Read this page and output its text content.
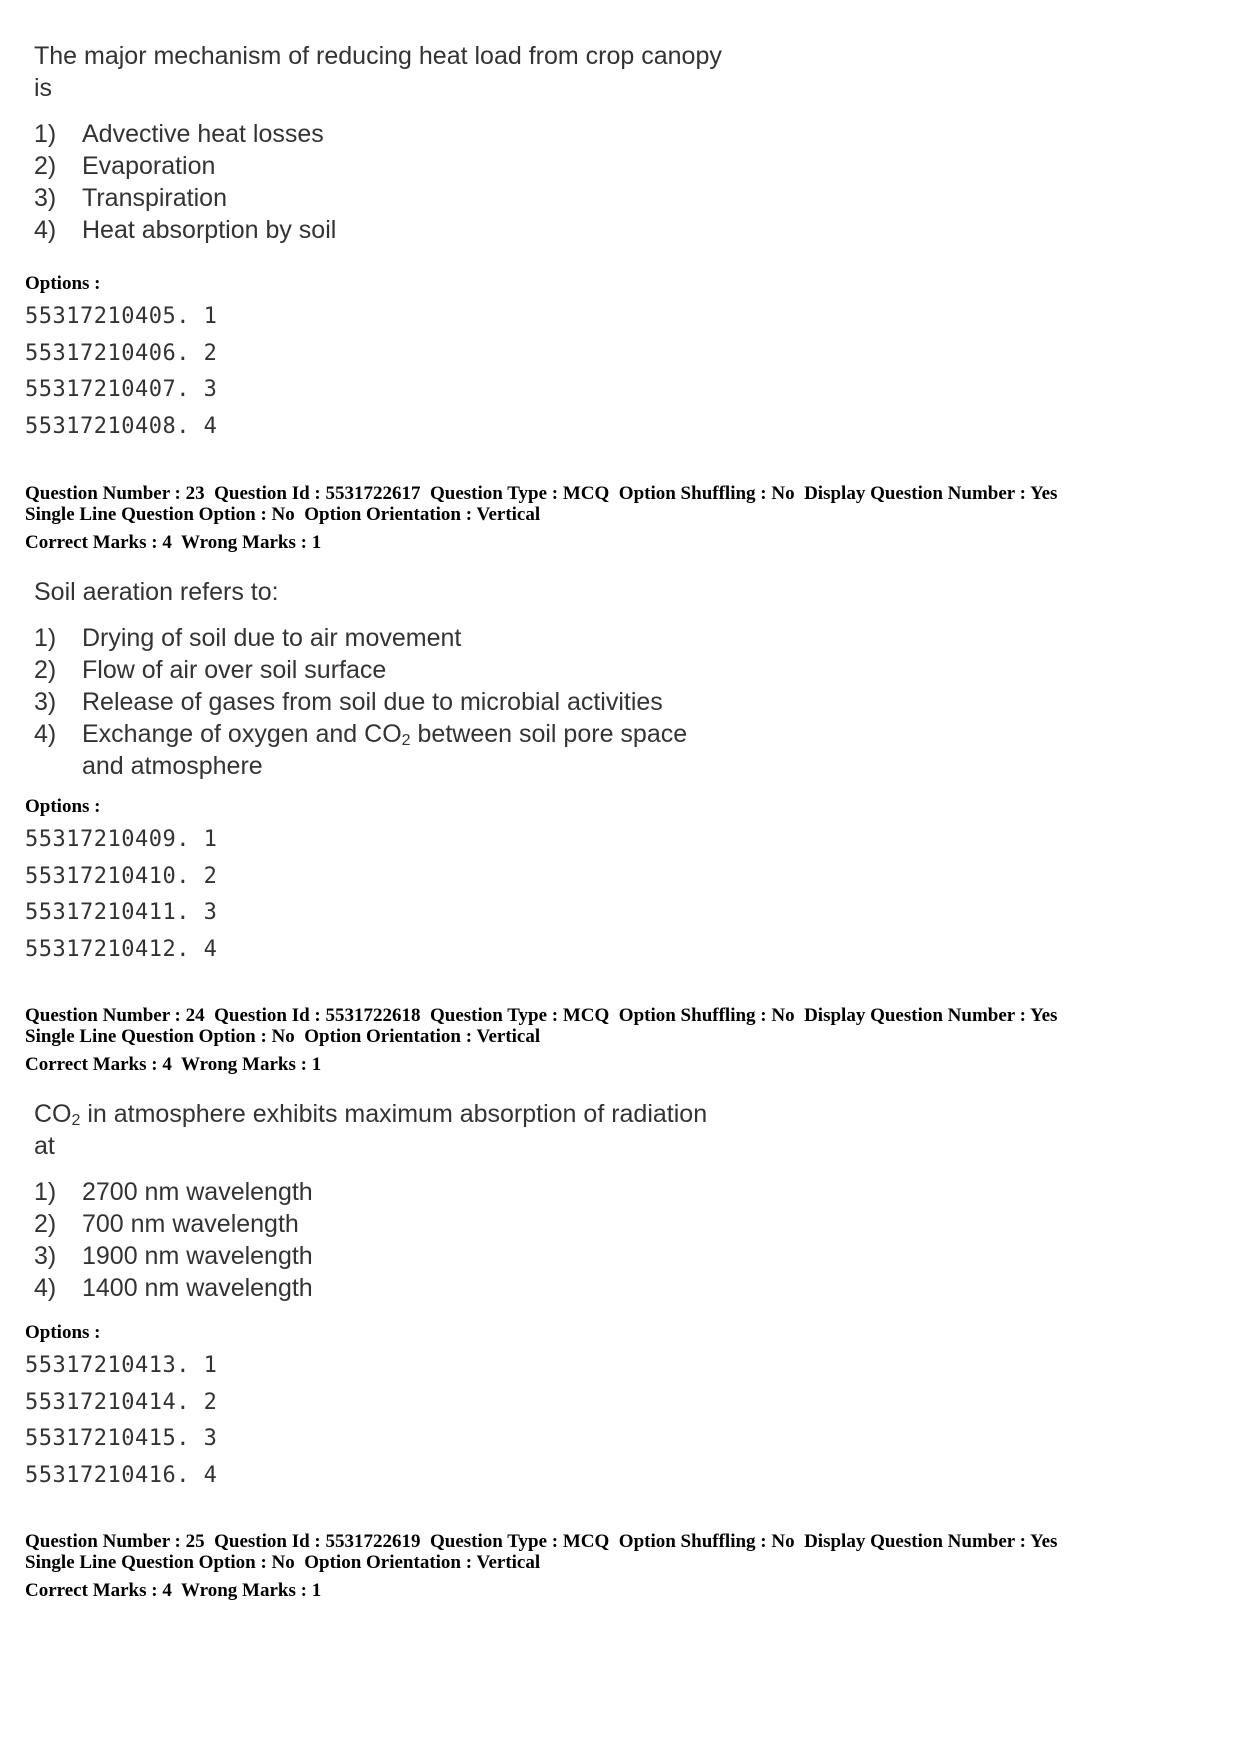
The major mechanism of reducing heat load from crop canopy is
1)	Advective heat losses
2)	Evaporation
3)	Transpiration
4)	Heat absorption by soil
Options :
55317210405. 1
55317210406. 2
55317210407. 3
55317210408. 4
Question Number : 23  Question Id : 5531722617  Question Type : MCQ  Option Shuffling : No  Display Question Number : Yes
Single Line Question Option : No  Option Orientation : Vertical
Correct Marks : 4  Wrong Marks : 1
Soil aeration refers to:
1)	Drying of soil due to air movement
2)	Flow of air over soil surface
3)	Release of gases from soil due to microbial activities
4)	Exchange of oxygen and $CO_2$ between soil pore space and atmosphere
Options :
55317210409. 1
55317210410. 2
55317210411. 3
55317210412. 4
Question Number : 24  Question Id : 5531722618  Question Type : MCQ  Option Shuffling : No  Display Question Number : Yes
Single Line Question Option : No  Option Orientation : Vertical
Correct Marks : 4  Wrong Marks : 1
$CO_2$ in atmosphere exhibits maximum absorption of radiation at
1)	2700 nm wavelength
2)	700 nm wavelength
3)	1900 nm wavelength
4)	1400 nm wavelength
Options :
55317210413. 1
55317210414. 2
55317210415. 3
55317210416. 4
Question Number : 25  Question Id : 5531722619  Question Type : MCQ  Option Shuffling : No  Display Question Number : Yes
Single Line Question Option : No  Option Orientation : Vertical
Correct Marks : 4  Wrong Marks : 1
